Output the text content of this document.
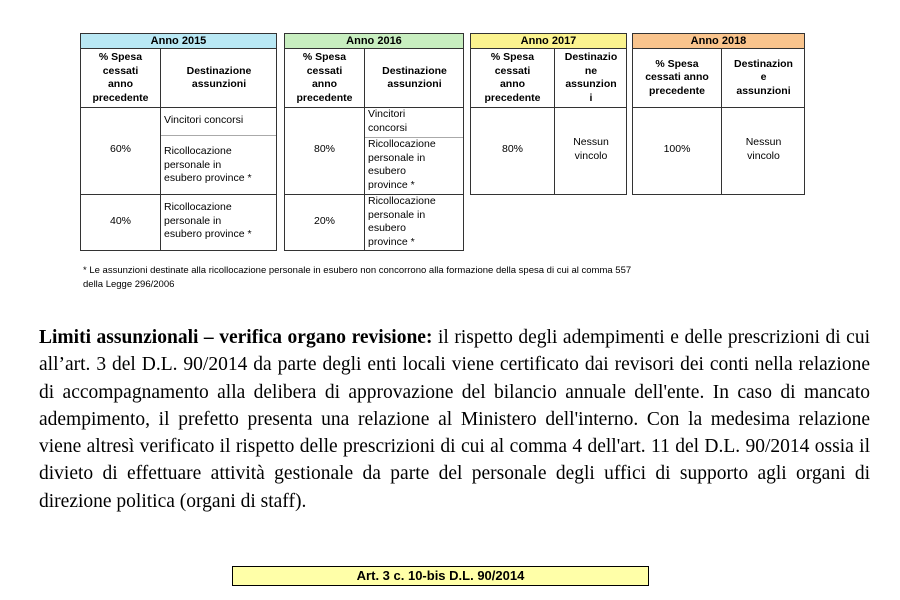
Anno 2015
% Spesa
cessati
anno
precedente
Destinazione
assunzioni
60%
Vincitori concorsi
Ricollocazione
personale in
esubero province *
40%
Ricollocazione
personale in
esubero province *
Anno 2016
% Spesa
cessati
anno
precedente
Destinazione
assunzioni
80%
Vincitori
concorsi
Ricollocazione
personale in
esubero
province *
20%
Ricollocazione
personale in
esubero
province *
Anno 2017
% Spesa
cessati
anno
precedente
Destinazio
ne
assunzion
i
80%
Nessun
vincolo
Anno 2018
% Spesa
cessati anno
precedente
Destinazion
e
assunzioni
100%
Nessun
vincolo
* Le assunzioni destinate alla ricollocazione personale in esubero non concorrono alla formazione della spesa di cui al comma 557
della Legge 296/2006
Limiti assunzionali – verifica organo revisione: il rispetto degli adempimenti e delle prescrizioni di cui all’art. 3 del D.L. 90/2014 da parte degli enti locali viene certificato dai revisori dei conti nella relazione di accompagnamento alla delibera di approvazione del bilancio annuale dell'ente. In caso di mancato adempimento, il prefetto presenta una relazione al Ministero dell'interno. Con la medesima relazione viene altresì verificato il rispetto delle prescrizioni di cui al comma 4 dell'art. 11 del D.L. 90/2014 ossia il divieto di effettuare attività gestionale da parte del personale degli uffici di supporto agli organi di direzione politica (organi di staff).
Art. 3 c. 10-bis D.L. 90/2014
